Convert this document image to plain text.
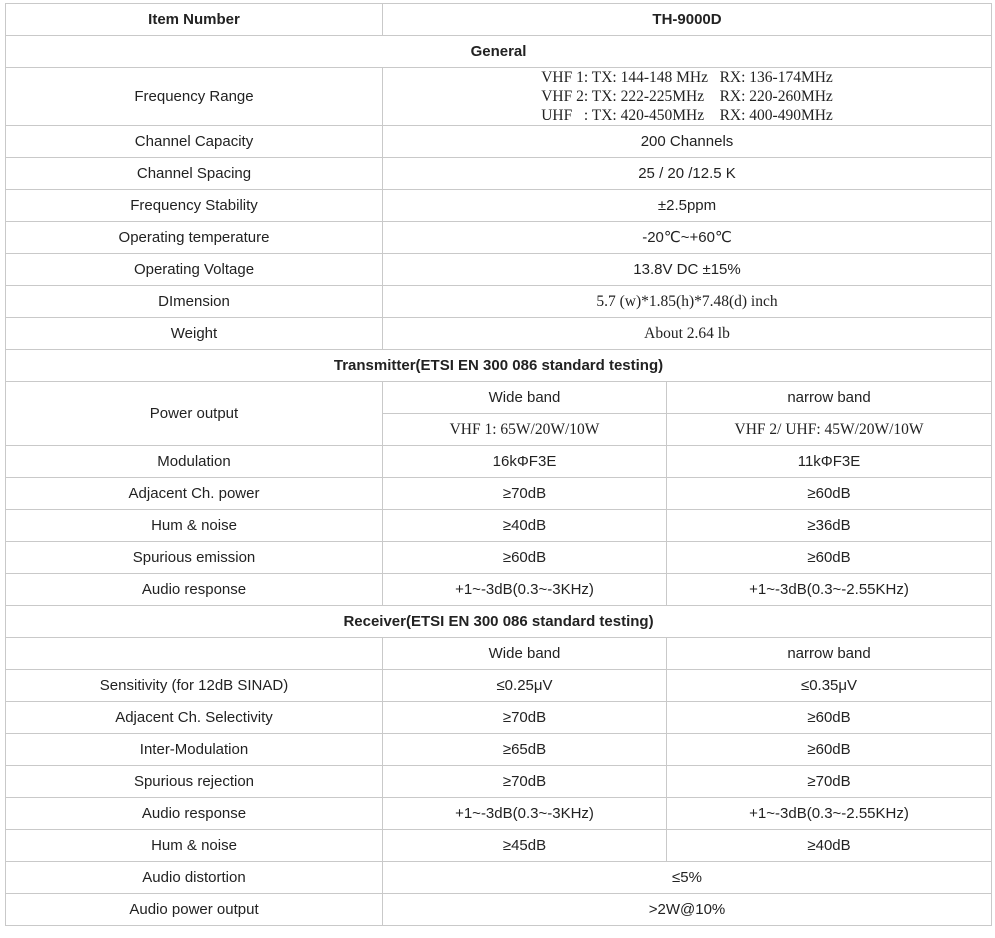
Item Number	TH-9000D	
General		
Frequency Range	VHF 1: TX: 144-148 MHz   RX: 136-174MHz
VHF 2: TX: 222-225MHz    RX: 220-260MHz
UHF   : TX: 420-450MHz    RX: 400-490MHz	

Channel Capacity	200 Channels	
Channel Spacing	25 / 20 /12.5 K	
Frequency Stability	±2.5ppm	
Operating temperature	-20℃~+60℃	
Operating Voltage	13.8V DC ±15%	
DImension	5.7 (w)*1.85(h)*7.48(d) inch	
Weight	About 2.64 lb	
Transmitter(ETSI EN 300 086 standard testing)		
Power output	Wide band	narrow band
	VHF 1: 65W/20W/10W	VHF 2/ UHF: 45W/20W/10W
Modulation	16kΦF3E	11kΦF3E
Adjacent Ch. power	≥70dB	≥60dB
Hum & noise	≥40dB	≥36dB
Spurious emission	≥60dB	≥60dB
Audio response	+1~-3dB(0.3~-3KHz)	+1~-3dB(0.3~-2.55KHz)
Receiver(ETSI EN 300 086 standard testing)		
	Wide band	narrow band
Sensitivity (for 12dB SINAD)	≤0.25μV	≤0.35μV
Adjacent Ch. Selectivity	≥70dB	≥60dB
Inter-Modulation	≥65dB	≥60dB
Spurious rejection	≥70dB	≥70dB
Audio response	+1~-3dB(0.3~-3KHz)	+1~-3dB(0.3~-2.55KHz)
Hum & noise	≥45dB	≥40dB
Audio distortion	≤5%	
Audio power output	>2W@10%	
